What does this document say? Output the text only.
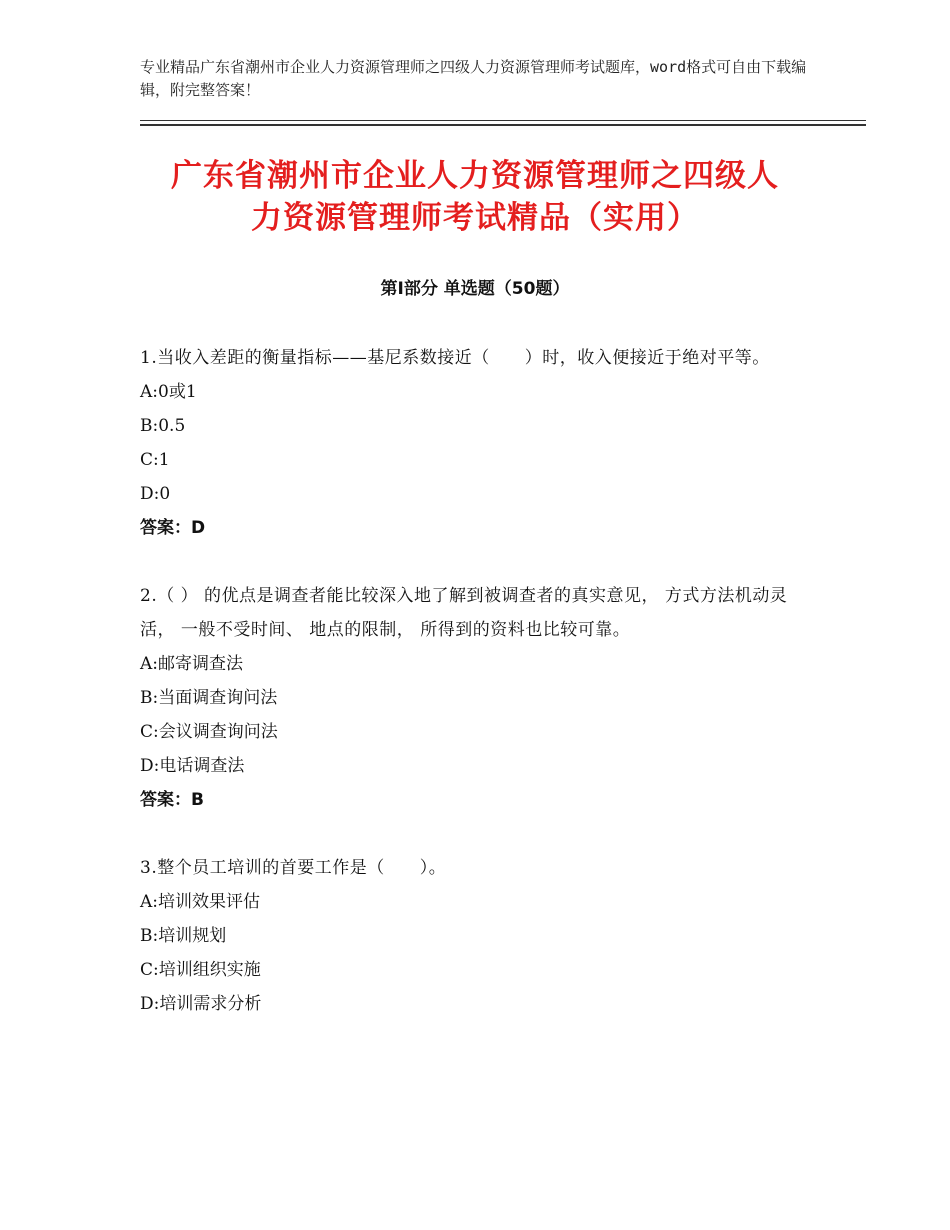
专业精品广东省潮州市企业人力资源管理师之四级人力资源管理师考试题库，word格式可自由下载编辑，附完整答案！
广东省潮州市企业人力资源管理师之四级人
力资源管理师考试精品（实用）
第Ⅰ部分 单选题（50题）
1.当收入差距的衡量指标——基尼系数接近（　　）时，收入便接近于绝对平等。
A:0或1
B:0.5
C:1
D:0
答案：D
2.（ ） 的优点是调查者能比较深入地了解到被调查者的真实意见， 方式方法机动灵活， 一般不受时间、 地点的限制， 所得到的资料也比较可靠。
A:邮寄调查法
B:当面调查询问法
C:会议调查询问法
D:电话调查法
答案：B
3.整个员工培训的首要工作是（　　）。
A:培训效果评估
B:培训规划
C:培训组织实施
D:培训需求分析
